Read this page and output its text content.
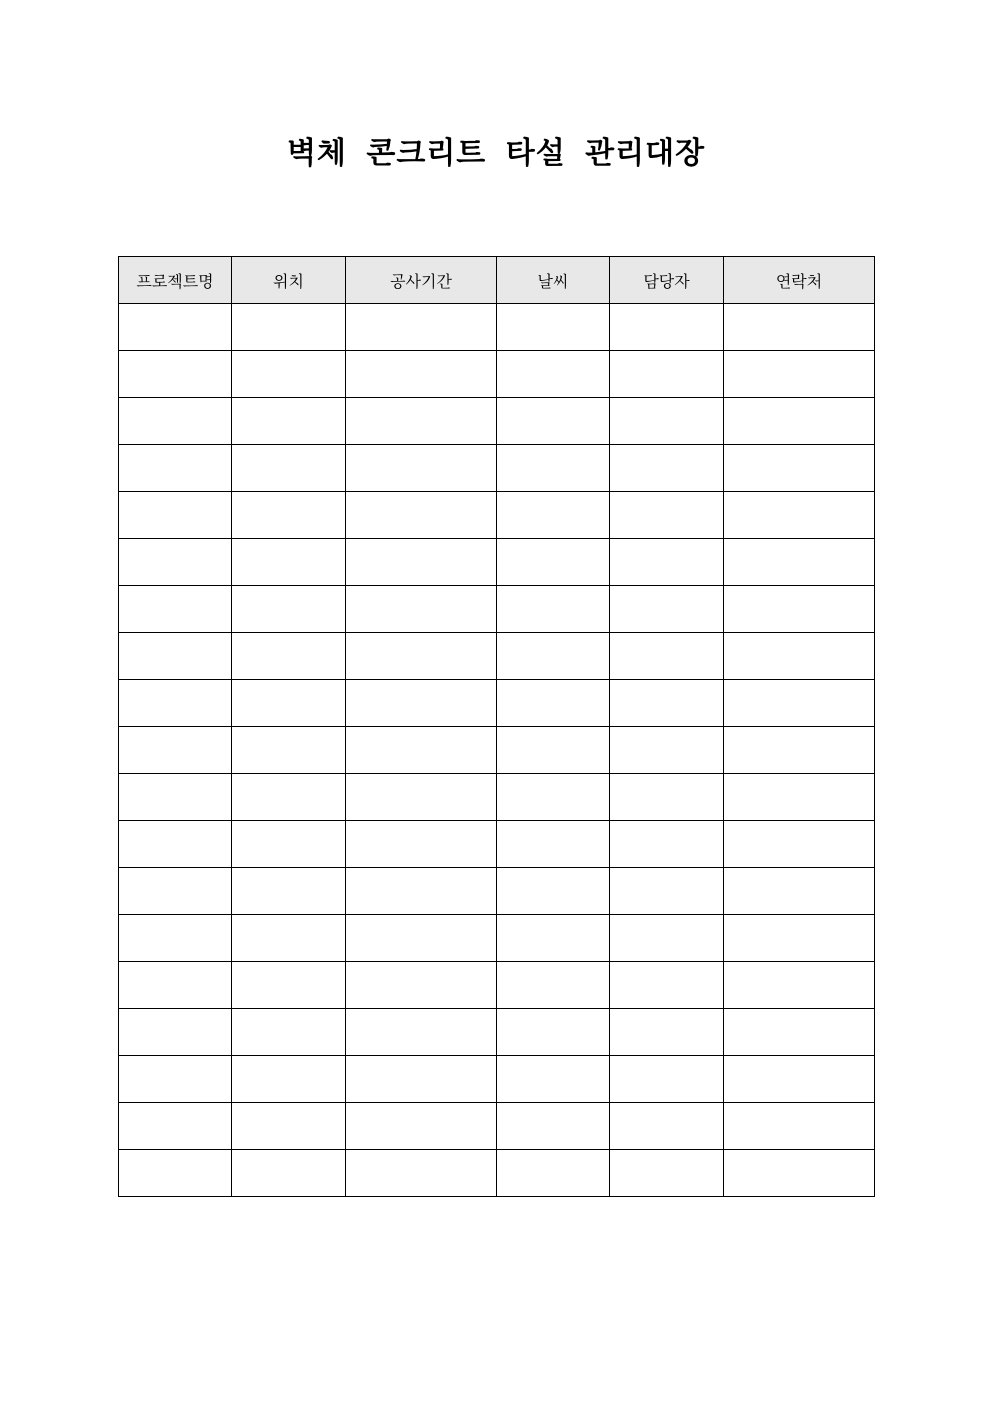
벽체 콘크리트 타설 관리대장
프로젝트명	위치	공사기간	날씨	담당자	연락처
